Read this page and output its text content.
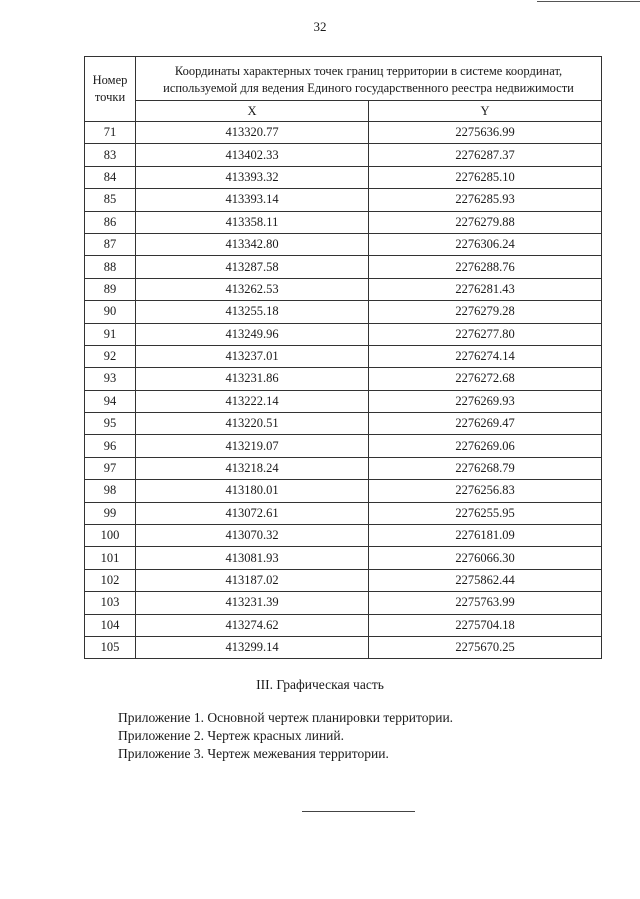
32
Номер точки	Координаты характерных точек границ территории в системе координат, используемой для ведения Единого государственного реестра недвижимости	
	X	Y
71	413320.77	2275636.99
83	413402.33	2276287.37
84	413393.32	2276285.10
85	413393.14	2276285.93
86	413358.11	2276279.88
87	413342.80	2276306.24
88	413287.58	2276288.76
89	413262.53	2276281.43
90	413255.18	2276279.28
91	413249.96	2276277.80
92	413237.01	2276274.14
93	413231.86	2276272.68
94	413222.14	2276269.93
95	413220.51	2276269.47
96	413219.07	2276269.06
97	413218.24	2276268.79
98	413180.01	2276256.83
99	413072.61	2276255.95
100	413070.32	2276181.09
101	413081.93	2276066.30
102	413187.02	2275862.44
103	413231.39	2275763.99
104	413274.62	2275704.18
105	413299.14	2275670.25
III. Графическая часть
Приложение 1. Основной чертеж планировки территории.
Приложение 2. Чертеж красных линий.
Приложение 3. Чертеж межевания территории.
